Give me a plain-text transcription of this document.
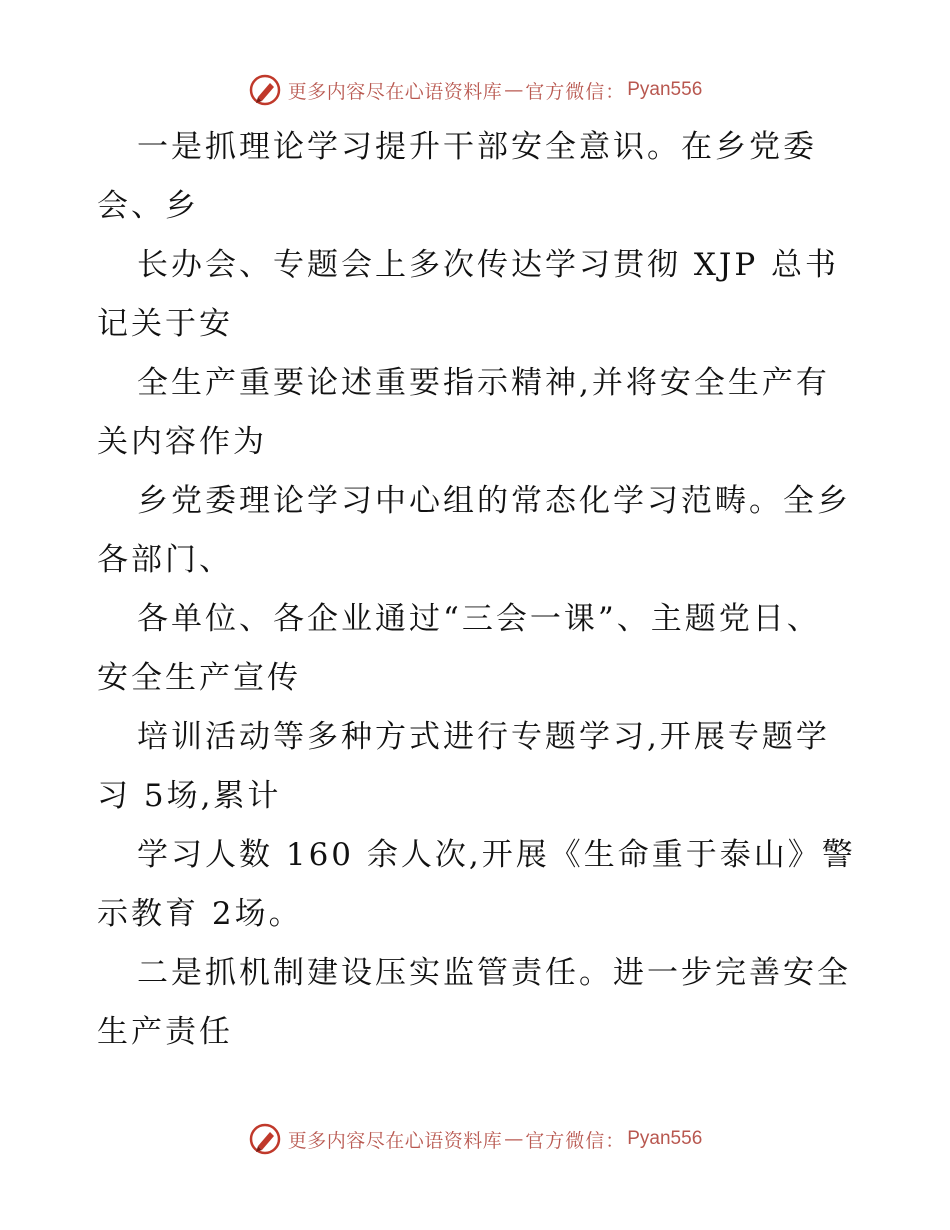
更多内容尽在心语资料库 — 官方微信： Pyan556
一是抓理论学习提升干部安全意识。在乡党委
会、乡
长办会、专题会上多次传达学习贯彻 XJP 总书
记关于安
全生产重要论述重要指示精神,并将安全生产有
关内容作为
乡党委理论学习中心组的常态化学习范畴。全乡
各部门、
各单位、各企业通过“三会一课”、主题党日、
安全生产宣传
培训活动等多种方式进行专题学习,开展专题学
习 5场,累计
学习人数 160 余人次,开展《生命重于泰山》警
示教育 2场。
二是抓机制建设压实监管责任。进一步完善安全
生产责任
更多内容尽在心语资料库 — 官方微信： Pyan556
